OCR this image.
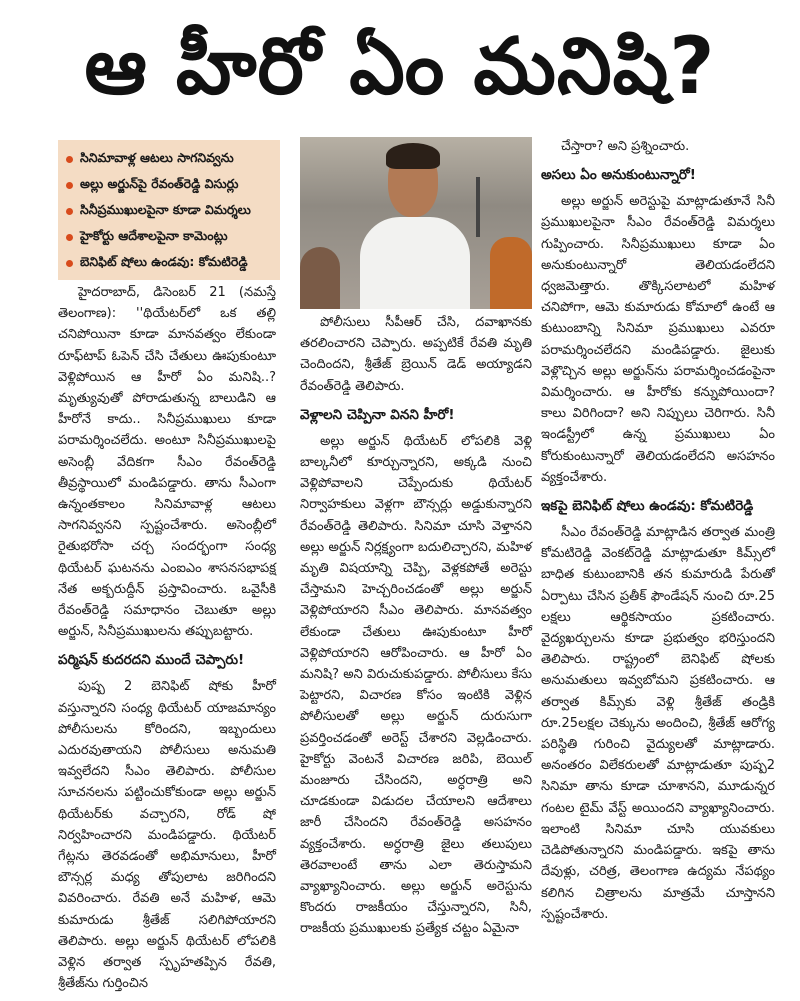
ఆ హీరో ఏం మనిషి?
సినిమావాళ్ల ఆటలు సాగనివ్వను
అల్లు అర్జున్‌పై రేవంత్‌రెడ్డి విసుర్లు
సినీప్రముఖులపైనా కూడా విమర్శలు
హైకోర్టు ఆదేశాలపైనా కామెంట్లు
బెనిఫిట్ షోలు ఉండవు: కోమటిరెడ్డి

హైదరాబాద్, డిసెంబర్ 21 (నమస్తే తెలంగాణ): ''థియేటర్‌లో ఒక తల్లి చనిపోయినా కూడా మానవత్వం లేకుండా రూఫ్‌టాప్ ఓపెన్ చేసి చేతులు ఊపుకుంటూ వెళ్లిపోయిన ఆ హీరో ఏం మనిషి..? మృత్యువుతో పోరాడుతున్న బాలుడిని ఆ హీరోనే కాదు.. సినీప్రముఖులు కూడా పరామర్శించలేదు. అంటూ సినీప్రముఖులపై అసెంబ్లీ వేదికగా సీఎం రేవంత్‌రెడ్డి తీవ్రస్థాయిలో మండిపడ్డారు. తాను సీఎంగా ఉన్నంతకాలం సినిమావాళ్ల ఆటలు సాగనివ్వనని స్పష్టంచేశారు. అసెంబ్లీలో రైతుభరోసా చర్చ సందర్భంగా సంధ్య థియేటర్ ఘటనను ఎంఐఎం శాసనసభాపక్ష నేత అక్బరుద్దీన్ ప్రస్తావించారు. ఒవైసీకి రేవంత్‌రెడ్డి సమాధానం చెబుతూ అల్లు అర్జున్, సినీప్రముఖులను తప్పుబట్టారు.

పర్మిషన్ కుదరదని ముందే చెప్పారు!

పుష్ప 2 బెనిఫిట్ షోకు హీరో వస్తున్నారని సంధ్య థియేటర్ యాజమాన్యం పోలీసులను కోరిందని, ఇబ్బందులు ఎదురవుతాయని పోలీసులు అనుమతి ఇవ్వలేదని సీఎం తెలిపారు. పోలీసుల సూచనలను పట్టించుకోకుండా అల్లు అర్జున్ థియేటర్‌కు వచ్చారని, రోడ్ షో నిర్వహించారని మండిపడ్డారు. థియేటర్ గేట్లను తెరవడంతో అభిమానులు, హీరో బౌన్సర్ల మధ్య తోపులాట జరిగిందని వివరించారు. రేవతి అనే మహిళ, ఆమె కుమారుడు శ్రీతేజ్ సలిగిపోయారని తెలిపారు. అల్లు అర్జున్ థియేటర్ లోపలికి వెళ్లిన తర్వాత స్పృహతప్పిన రేవతి, శ్రీతేజ్‌ను గుర్తించిన

పోలీసులు సీపీఆర్ చేసి, దవాఖానకు తరలించారని చెప్పారు. అప్పటికే రేవతి మృతి చెందిందని, శ్రీతేజ్ బ్రెయిన్ డెడ్ అయ్యాడని రేవంత్‌రెడ్డి తెలిపారు.

వెళ్లాలని చెప్పినా వినని హీరో!

అల్లు అర్జున్ థియేటర్ లోపలికి వెళ్లి బాల్కనీలో కూర్చున్నారని, అక్కడి నుంచి వెళ్లిపోవాలని చెప్పేందుకు థియేటర్ నిర్వాహకులు వెళ్లగా బౌన్సర్లు అడ్డుకున్నారని రేవంత్‌రెడ్డి తెలిపారు. సినిమా చూసి వెళ్తానని అల్లు అర్జున్ నిర్లక్ష్యంగా బదులిచ్చారని, మహిళ మృతి విషయాన్ని చెప్పి, వెళ్లకపోతే అరెస్టు చేస్తామని హెచ్చరించడంతో అల్లు అర్జున్ వెళ్లిపోయారని సీఎం తెలిపారు. మానవత్వం లేకుండా చేతులు ఊపుకుంటూ హీరో వెళ్లిపోయారని ఆరోపించారు. ఆ హీరో ఏం మనిషి? అని విరుచుకుపడ్డారు. పోలీసులు కేసు పెట్టారని, విచారణ కోసం ఇంటికి వెళ్లిన పోలీసులతో అల్లు అర్జున్ దురుసుగా ప్రవర్తించడంతో అరెస్ట్ చేశారని వెల్లడించారు. హైకోర్టు వెంటనే విచారణ జరిపి, బెయిల్ మంజూరు చేసిందని, అర్ధరాత్రి అని చూడకుండా విడుదల చేయాలని ఆదేశాలు జారీ చేసిందని రేవంత్‌రెడ్డి అసహనం వ్యక్తంచేశారు. అర్ధరాత్రి జైలు తలుపులు తెరవాలంటే తాను ఎలా తెరుస్తామని వ్యాఖ్యానించారు. అల్లు అర్జున్ అరెస్టును కొందరు రాజకీయం చేస్తున్నారని, సినీ, రాజకీయ ప్రముఖులకు ప్రత్యేక చట్టం ఏమైనా

చేస్తారా? అని ప్రశ్నించారు.

అసలు ఏం అనుకుంటున్నారో!

అల్లు అర్జున్ అరెస్టుపై మాట్లాడుతూనే సినీ ప్రముఖులపైనా సీఎం రేవంత్‌రెడ్డి విమర్శలు గుప్పించారు. సినీప్రముఖులు కూడా ఏం అనుకుంటున్నారో తెలియడంలేదని ధ్వజమెత్తారు. తొక్కిసలాటలో మహిళ చనిపోగా, ఆమె కుమారుడు కోమాలో ఉంటే ఆ కుటుంబాన్ని సినిమా ప్రముఖులు ఎవరూ పరామర్శించలేదని మండిపడ్డారు. జైలుకు వెళ్లొచ్చిన అల్లు అర్జున్‌ను పరామర్శించడంపైనా విమర్శించారు. ఆ హీరోకు కన్నుపోయిందా? కాలు విరిగిందా? అని నిప్పులు చెరిగారు. సినీ ఇండస్ట్రీలో ఉన్న ప్రముఖులు ఏం కోరుకుంటున్నారో తెలియడంలేదని అసహనం వ్యక్తంచేశారు.

ఇకపై బెనిఫిట్ షోలు ఉండవు: కోమటిరెడ్డి

సీఎం రేవంత్‌రెడ్డి మాట్లాడిన తర్వాత మంత్రి కోమటిరెడ్డి వెంకట్‌రెడ్డి మాట్లాడుతూ కిమ్స్‌లో బాధిత కుటుంబానికి తన కుమారుడి పేరుతో ఏర్పాటు చేసిన ప్రతీక్ ఫౌండేషన్ నుంచి రూ.25 లక్షలు ఆర్థికసాయం ప్రకటించారు. వైద్యఖర్చులను కూడా ప్రభుత్వం భరిస్తుందని తెలిపారు. రాష్ట్రంలో బెనిఫిట్ షోలకు అనుమతులు ఇవ్వబోమని ప్రకటించారు. ఆ తర్వాత కిమ్స్‌కు వెళ్లి శ్రీతేజ్ తండ్రికి రూ.25లక్షల చెక్కును అందించి, శ్రీతేజ్ ఆరోగ్య పరిస్థితి గురించి వైద్యులతో మాట్లాడారు. అనంతరం విలేకరులతో మాట్లాడుతూ పుష్ప2 సినిమా తాను కూడా చూశానని, మూడున్నర గంటల టైమ్ వేస్ట్ అయిందని వ్యాఖ్యానించారు. ఇలాంటి సినిమా చూసి యువకులు చెడిపోతున్నారని మండిపడ్డారు. ఇకపై తాను దేవుళ్లు, చరిత్ర, తెలంగాణ ఉద్యమ నేపథ్యం కలిగిన చిత్రాలను మాత్రమే చూస్తానని స్పష్టంచేశారు.
